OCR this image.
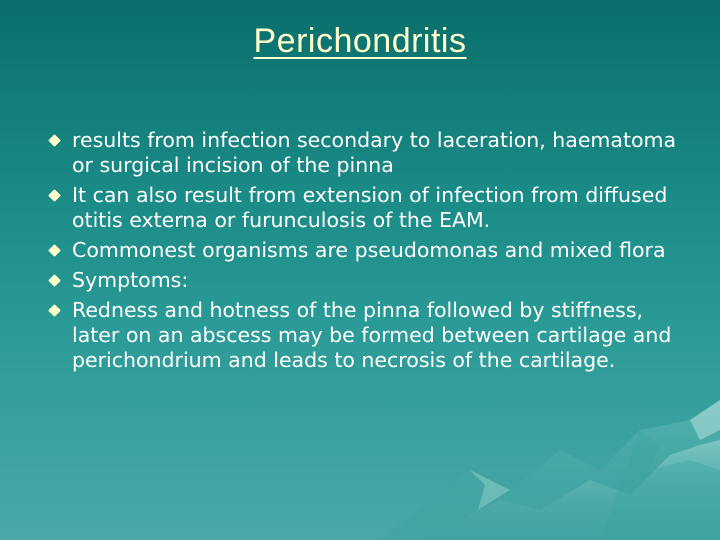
Perichondritis
results from infection secondary to laceration, haematoma or surgical incision of the pinna
It can also result from extension of infection from diffused otitis externa or furunculosis of the EAM.
Commonest organisms are pseudomonas and mixed flora
Symptoms:
Redness and hotness of the pinna followed by stiffness, later on an abscess may be formed between cartilage and perichondrium and leads to necrosis of the cartilage.
